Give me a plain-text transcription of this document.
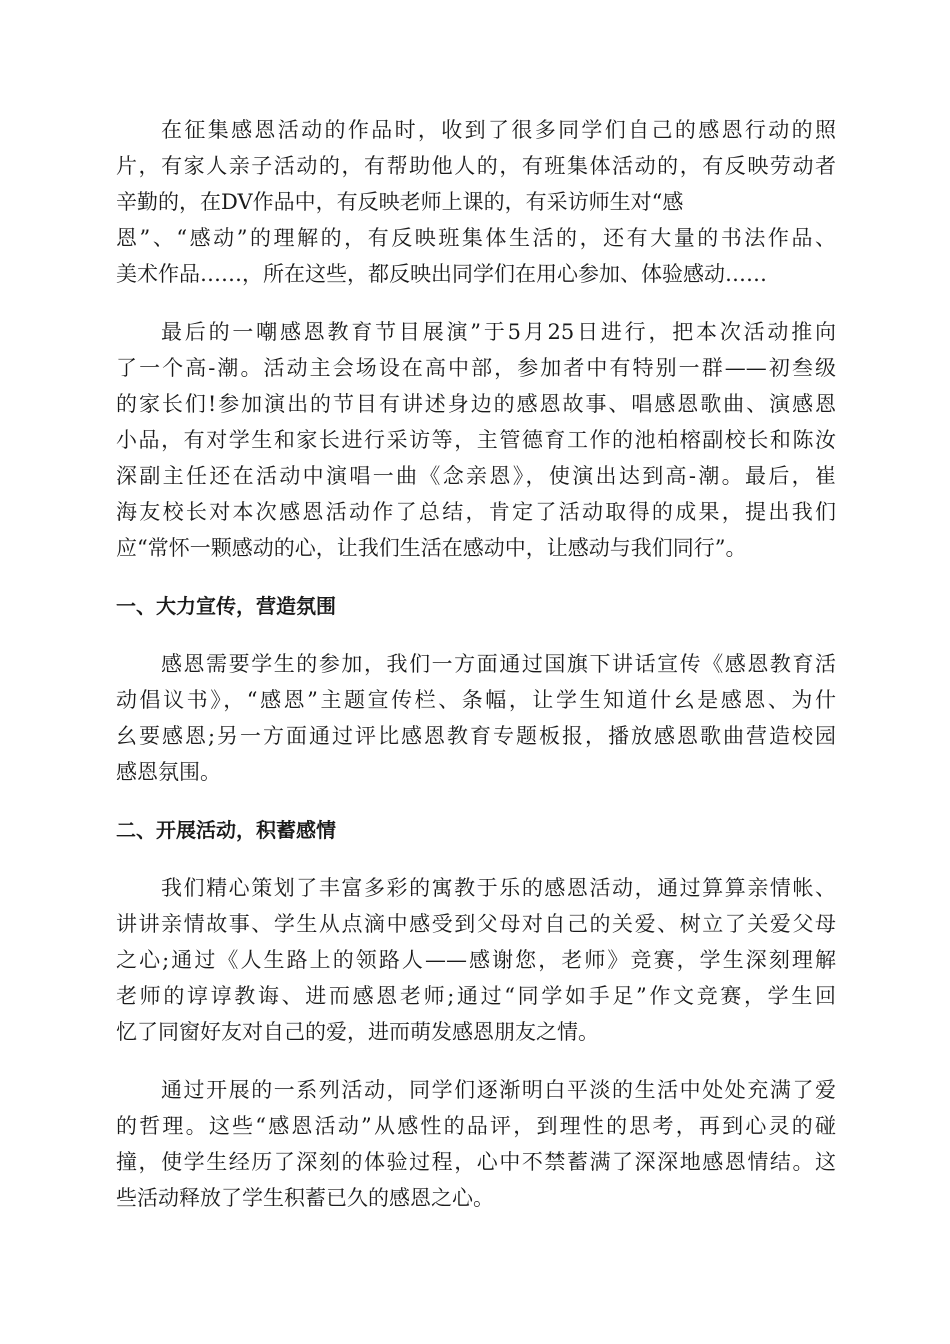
在征集感恩活动的作品时，收到了很多同学们自己的感恩行动的照
片，有家人亲子活动的，有帮助他人的，有班集体活动的，有反映劳动者
辛勤的，在DV作品中，有反映老师上课的，有采访师生对“感
恩”、“感动”的理解的，有反映班集体生活的，还有大量的书法作品、
美术作品……，所在这些，都反映出同学们在用心参加、体验感动……
最后的一嘲感恩教育节目展演”于5月25日进行，把本次活动推向
了一个高-潮。活动主会场设在高中部，参加者中有特别一群——初叁级
的家长们!参加演出的节目有讲述身边的感恩故事、唱感恩歌曲、演感恩
小品，有对学生和家长进行采访等，主管德育工作的池柏榕副校长和陈汝
深副主任还在活动中演唱一曲《念亲恩》，使演出达到高-潮。最后，崔
海友校长对本次感恩活动作了总结，肯定了活动取得的成果，提出我们
应“常怀一颗感动的心，让我们生活在感动中，让感动与我们同行”。
一、大力宣传，营造氛围
感恩需要学生的参加，我们一方面通过国旗下讲话宣传《感恩教育活
动倡议书》，“感恩”主题宣传栏、条幅，让学生知道什幺是感恩、为什
幺要感恩;另一方面通过评比感恩教育专题板报，播放感恩歌曲营造校园
感恩氛围。
二、开展活动，积蓄感情
我们精心策划了丰富多彩的寓教于乐的感恩活动，通过算算亲情帐、
讲讲亲情故事、学生从点滴中感受到父母对自己的关爱、树立了关爱父母
之心;通过《人生路上的领路人——感谢您，老师》竞赛，学生深刻理解
老师的谆谆教诲、进而感恩老师;通过“同学如手足”作文竞赛，学生回
忆了同窗好友对自己的爱，进而萌发感恩朋友之情。
通过开展的一系列活动，同学们逐渐明白平淡的生活中处处充满了爱
的哲理。这些“感恩活动”从感性的品评，到理性的思考，再到心灵的碰
撞，使学生经历了深刻的体验过程，心中不禁蓄满了深深地感恩情结。这
些活动释放了学生积蓄已久的感恩之心。
